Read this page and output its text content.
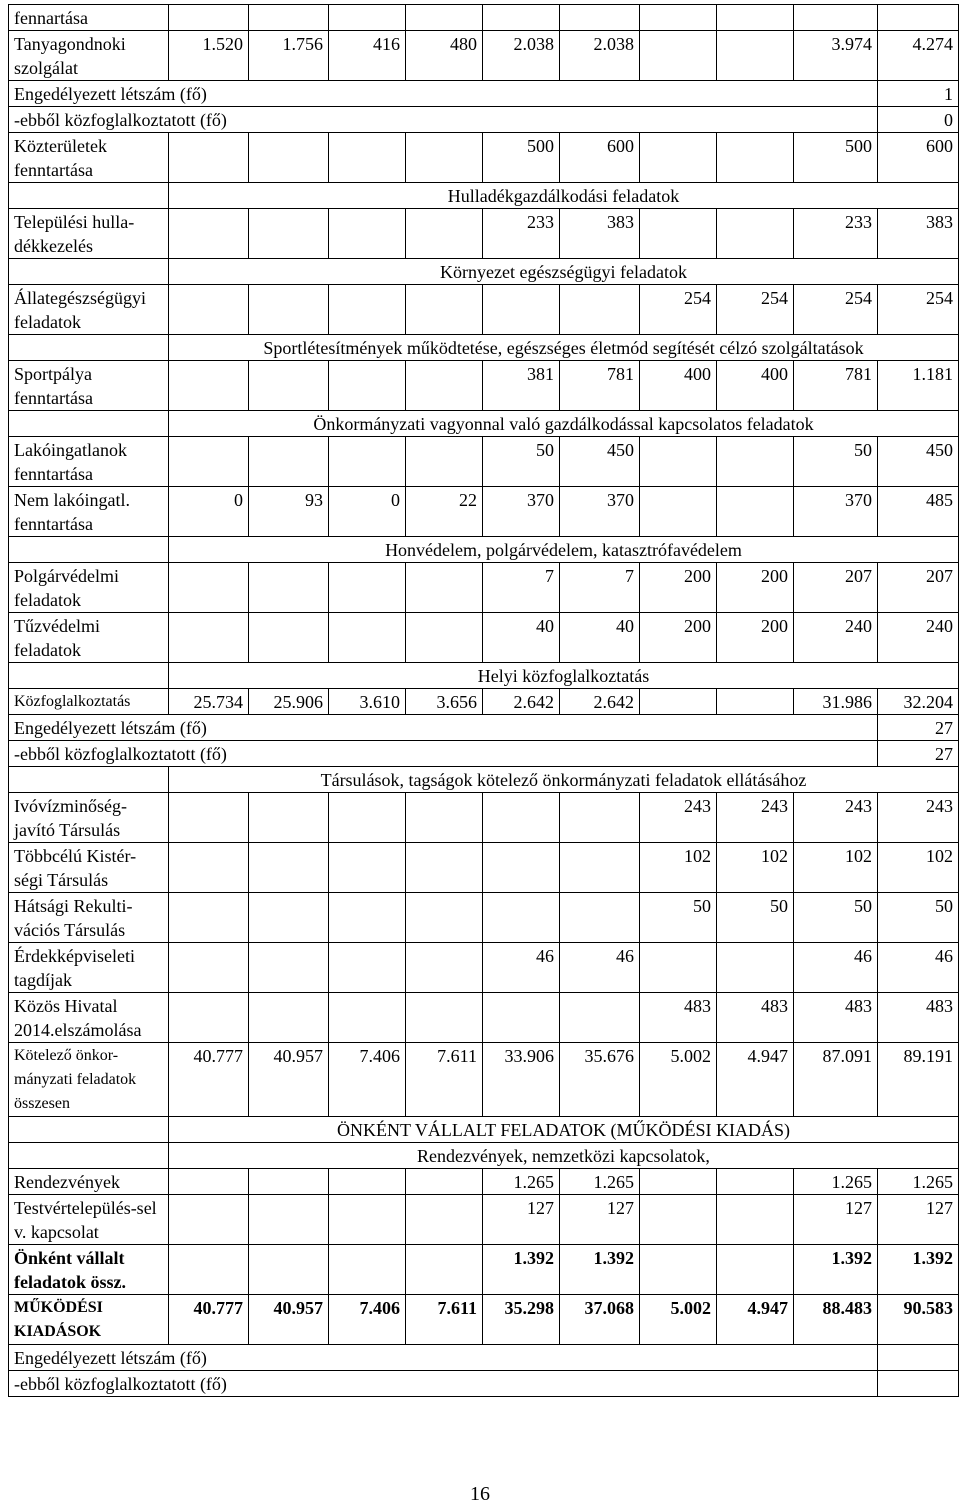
fennartása										
Tanyagondnoki szolgálat	1.520	1.756	416	480	2.038	2.038			3.974	4.274
Engedélyezett létszám (fő)										1
-ebből közfoglalkoztatott (fő)										0
Közterületek fenntartása					500	600			500	600
	Hulladékgazdálkodási feladatok									
Települési hulla-dékkezelés					233	383			233	383
	Környezet egészségügyi feladatok									
Állategészségügyi feladatok							254	254	254	254
	Sportlétesítmények működtetése, egészséges életmód segítését célzó szolgáltatások									
Sportpálya fenntartása					381	781	400	400	781	1.181
	Önkormányzati vagyonnal való gazdálkodással kapcsolatos feladatok									
Lakóingatlanok fenntartása					50	450			50	450
Nem lakóingatl. fenntartása	0	93	0	22	370	370			370	485
	Honvédelem, polgárvédelem, katasztrófavédelem									
Polgárvédelmi feladatok					7	7	200	200	207	207
Tűzvédelmi feladatok					40	40	200	200	240	240
	Helyi közfoglalkoztatás									
Közfoglalkoztatás	25.734	25.906	3.610	3.656	2.642	2.642			31.986	32.204
Engedélyezett létszám (fő)										27
-ebből közfoglalkoztatott (fő)										27
	Társulások, tagságok kötelező önkormányzati feladatok ellátásához									
Ivóvízminőség-javító Társulás							243	243	243	243
Többcélú Kistér-ségi Társulás							102	102	102	102
Hátsági Rekulti-vációs Társulás							50	50	50	50
Érdekképviseleti tagdíjak					46	46			46	46
Közös Hivatal 2014.elszámolása							483	483	483	483
Kötelező önkor-mányzati feladatok összesen	40.777	40.957	7.406	7.611	33.906	35.676	5.002	4.947	87.091	89.191
	ÖNKÉNT VÁLLALT FELADATOK (MŰKÖDÉSI KIADÁS)									
	Rendezvények, nemzetközi kapcsolatok,									
Rendezvények					1.265	1.265			1.265	1.265
Testvértelepülés-sel v. kapcsolat					127	127			127	127
Önként vállalt feladatok össz.					1.392	1.392			1.392	1.392
MŰKÖDÉSI KIADÁSOK	40.777	40.957	7.406	7.611	35.298	37.068	5.002	4.947	88.483	90.583
Engedélyezett létszám (fő)										
-ebből közfoglalkoztatott (fő)										
16
